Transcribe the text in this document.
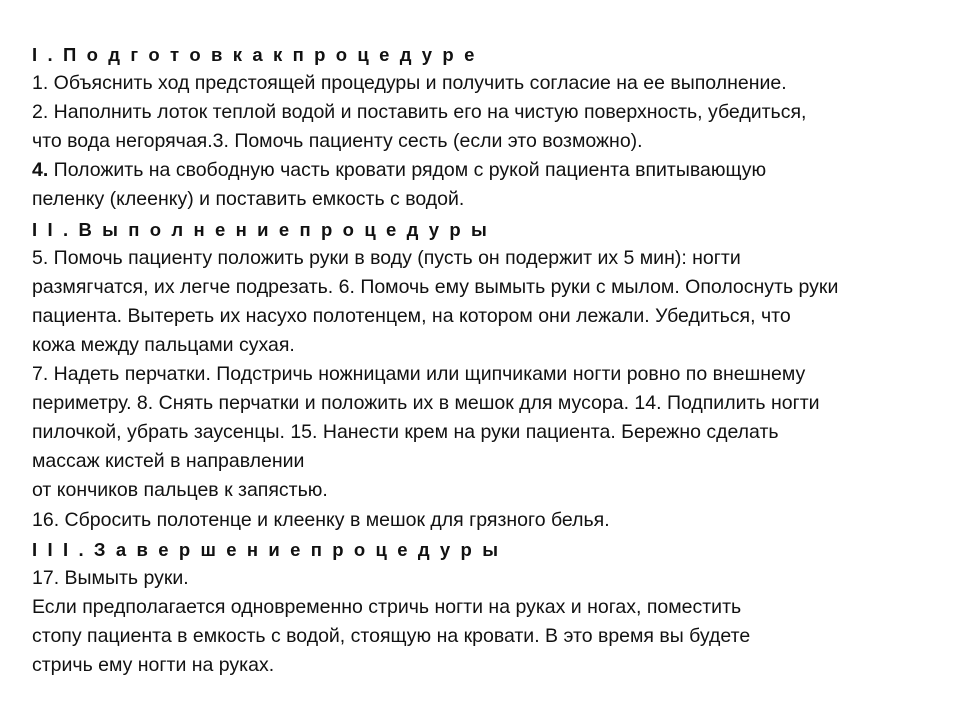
I . П о д г о т о в к а к п р о ц е д у р е
1. Объяснить ход предстоящей процедуры и получить согласие на ее выполнение.
2. Наполнить лоток теплой водой и поставить его на чистую поверхность, убедиться,
что вода негорячая.3. Помочь пациенту сесть (если это возможно).
4. Положить на свободную часть кровати рядом с рукой пациента впитывающую
пеленку (клеенку) и поставить емкость с водой.
I I . В ы п о л н е н и е п р о ц е д у р ы
5. Помочь пациенту положить руки в воду (пусть он подержит их 5 мин): ногти
размягчатся, их легче подрезать. 6. Помочь ему вымыть руки с мылом. Ополоснуть руки
пациента. Вытереть их насухо полотенцем, на котором они лежали. Убедиться, что
кожа между пальцами сухая.
7. Надеть перчатки. Подстричь ножницами или щипчиками ногти ровно по внешнему
периметру. 8. Снять перчатки и положить их в мешок для мусора. 14. Подпилить ногти
пилочкой, убрать заусенцы. 15. Нанести крем на руки пациента. Бережно сделать
массаж кистей в направлении
от кончиков пальцев к запястью.
16. Сбросить полотенце и клеенку в мешок для грязного белья.
I I I . З а в е р ш е н и е п р о ц е д у р ы
17. Вымыть руки.
Если предполагается одновременно стричь ногти на руках и ногах, поместить
стопу пациента в емкость с водой, стоящую на кровати. В это время вы будете
стричь ему ногти на руках.
